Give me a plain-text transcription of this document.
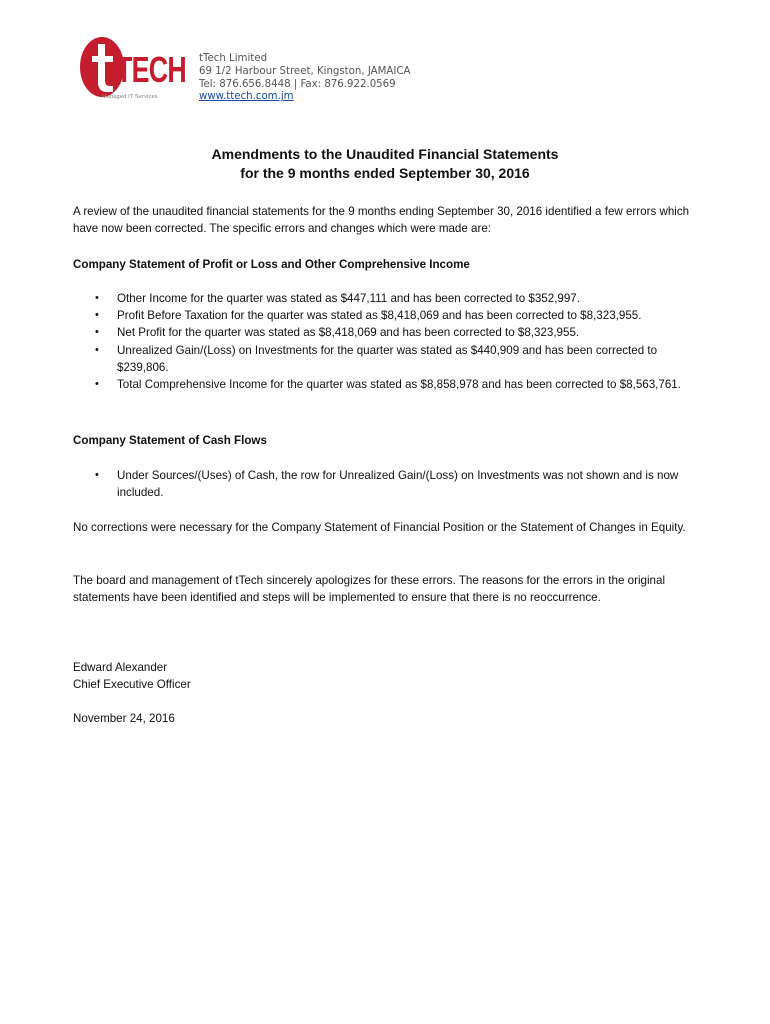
TECH
Managed IT Services
tTech Limited
69 1/2 Harbour Street, Kingston, JAMAICA
Tel: 876.656.8448 | Fax: 876.922.0569
www.ttech.com.jm
Amendments to the Unaudited Financial Statements
for the 9 months ended September 30, 2016

A review of the unaudited financial statements for the 9 months ending September 30, 2016 identified a few errors which have now been corrected. The specific errors and changes which were made are:

Company Statement of Profit or Loss and Other Comprehensive Income
• Other Income for the quarter was stated as $447,111 and has been corrected to $352,997.
• Profit Before Taxation for the quarter was stated as $8,418,069 and has been corrected to $8,323,955.
• Net Profit for the quarter was stated as $8,418,069 and has been corrected to $8,323,955.
• Unrealized Gain/(Loss) on Investments for the quarter was stated as $440,909 and has been corrected to $239,806.
• Total Comprehensive Income for the quarter was stated as $8,858,978 and has been corrected to $8,563,761.
Company Statement of Cash Flows
• Under Sources/(Uses) of Cash, the row for Unrealized Gain/(Loss) on Investments was not shown and is now included.

No corrections were necessary for the Company Statement of Financial Position or the Statement of Changes in Equity.

The board and management of tTech sincerely apologizes for these errors. The reasons for the errors in the original statements have been identified and steps will be implemented to ensure that there is no reoccurrence.

Edward Alexander
Chief Executive Officer
November 24, 2016
